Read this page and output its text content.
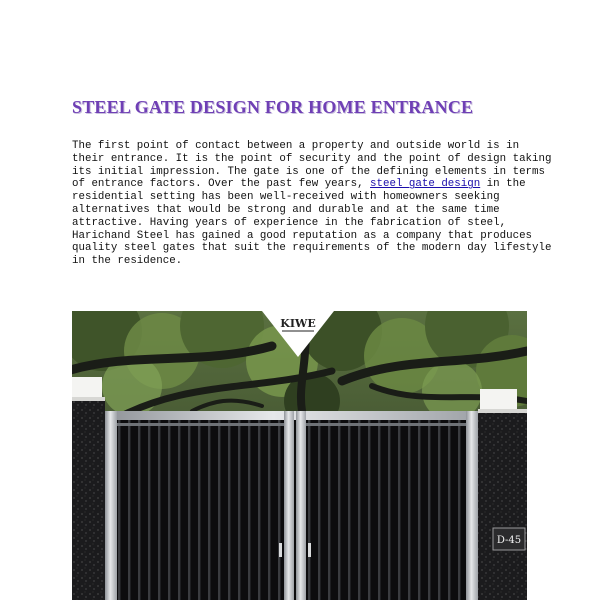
STEEL GATE DESIGN FOR HOME ENTRANCE
The first point of contact between a property and outside world is in
their entrance. It is the point of security and the point of design taking
its initial impression. The gate is one of the defining elements in terms
of entrance factors. Over the past few years, steel gate design in the
residential setting has been well-received with homeowners seeking
alternatives that would be strong and durable and at the same time
attractive. Having years of experience in the fabrication of steel,
Harichand Steel has gained a good reputation as a company that produces
quality steel gates that suit the requirements of the modern day lifestyle
in the residence.
KIWE
D-45
